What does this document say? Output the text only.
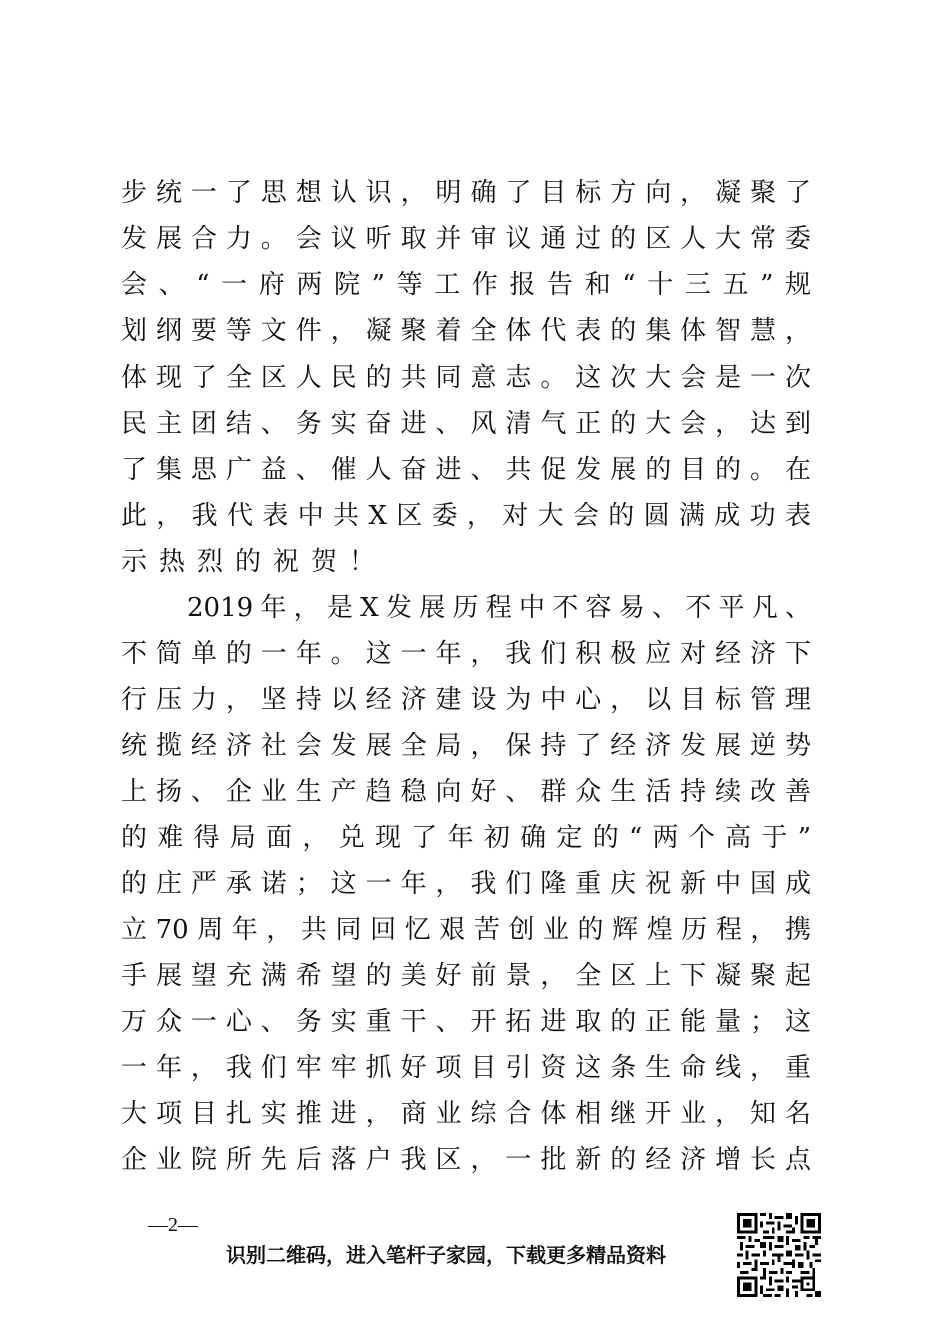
步统一了思想认识，明确了目标方向，凝聚了
发展合力。会议听取并审议通过的区人大常委
会、“一府两院”等工作报告和“十三五”规
划纲要等文件，凝聚着全体代表的集体智慧，
体现了全区人民的共同意志。这次大会是一次
民主团结、务实奋进、风清气正的大会，达到
了集思广益、催人奋进、共促发展的目的。在
此，我代表中共X区委，对大会的圆满成功表
示热烈的祝贺！
2019年，是X发展历程中不容易、不平凡、
不简单的一年。这一年，我们积极应对经济下
行压力，坚持以经济建设为中心，以目标管理
统揽经济社会发展全局，保持了经济发展逆势
上扬、企业生产趋稳向好、群众生活持续改善
的难得局面，兑现了年初确定的“两个高于”
的庄严承诺；这一年，我们隆重庆祝新中国成
立70周年，共同回忆艰苦创业的辉煌历程，携
手展望充满希望的美好前景，全区上下凝聚起
万众一心、务实重干、开拓进取的正能量；这
一年，我们牢牢抓好项目引资这条生命线，重
大项目扎实推进，商业综合体相继开业，知名
企业院所先后落户我区，一批新的经济增长点
—2—
识别二维码，进入笔杆子家园，下载更多精品资料
